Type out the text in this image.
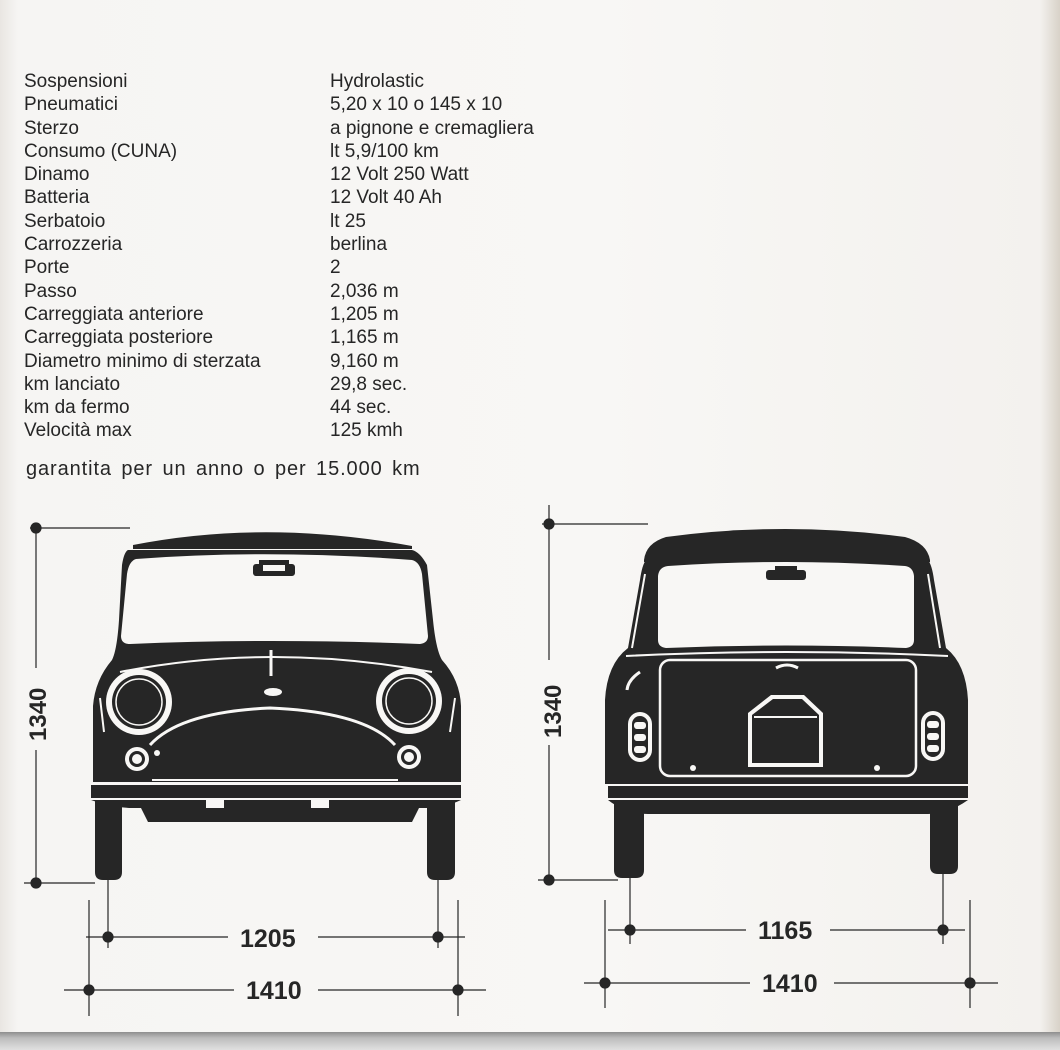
Sospensioni	Hydrolastic
Pneumatici	5,20 x 10 o 145 x 10
Sterzo	a pignone e cremagliera
Consumo (CUNA)	lt 5,9/100 km
Dinamo	12 Volt 250 Watt
Batteria	12 Volt 40 Ah
Serbatoio	lt 25
Carrozzeria	berlina
Porte	2
Passo	2,036 m
Carreggiata anteriore	1,205 m
Carreggiata posteriore	1,165 m
Diametro minimo di sterzata	9,160 m
km lanciato	29,8 sec.
km da fermo	44 sec.
Velocità max	125 kmh
garantita per un anno o per 15.000 km
1340
1205
1410
1340
1165
1410
